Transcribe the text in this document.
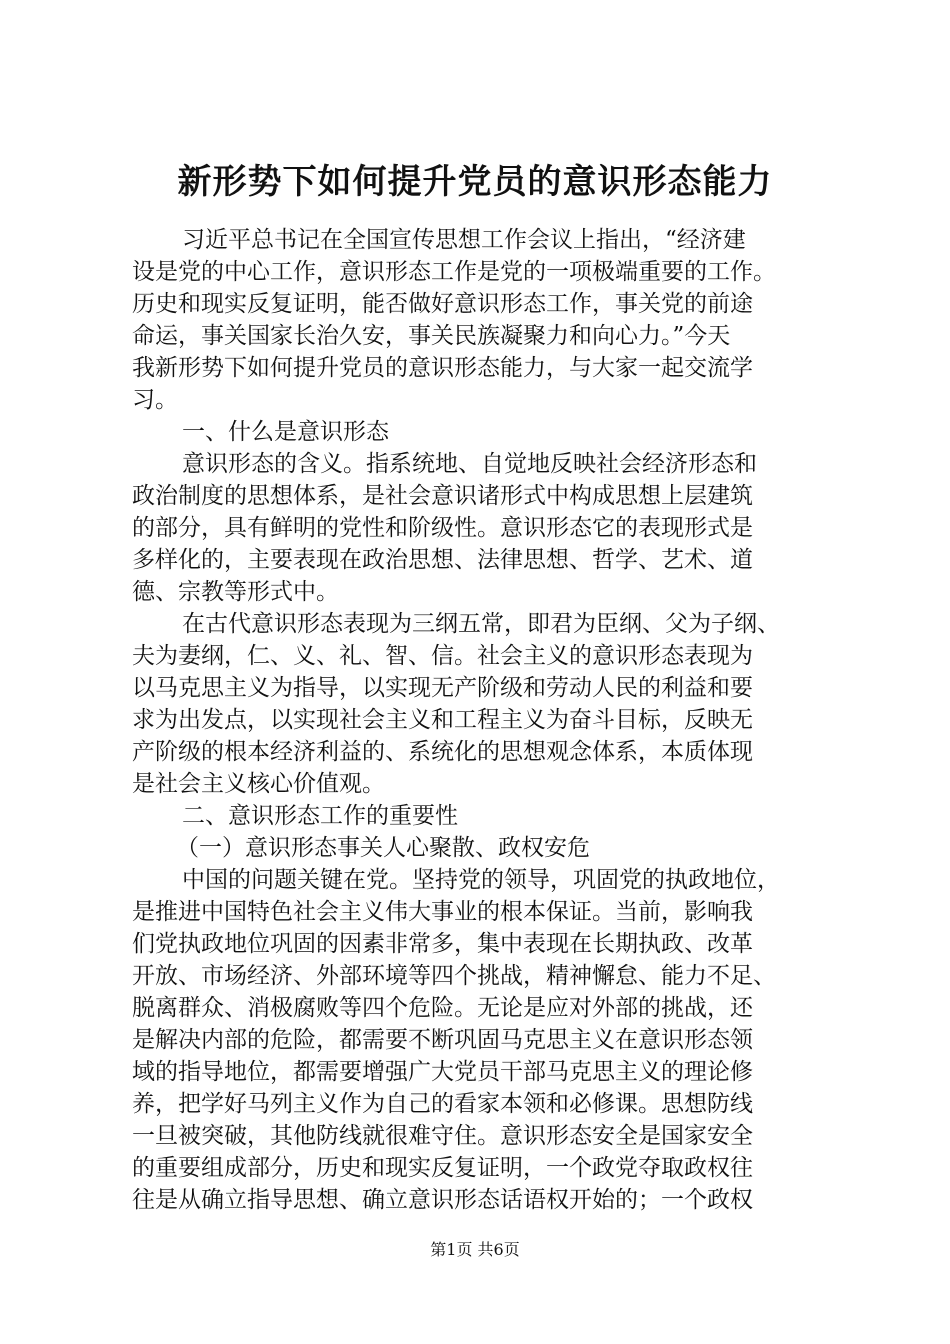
新形势下如何提升党员的意识形态能力
习近平总书记在全国宣传思想工作会议上指出，“经济建
设是党的中心工作，意识形态工作是党的一项极端重要的工作。
历史和现实反复证明，能否做好意识形态工作，事关党的前途
命运，事关国家长治久安，事关民族凝聚力和向心力。”今天
我新形势下如何提升党员的意识形态能力，与大家一起交流学
习。
一、什么是意识形态
意识形态的含义。指系统地、自觉地反映社会经济形态和
政治制度的思想体系，是社会意识诸形式中构成思想上层建筑
的部分，具有鲜明的党性和阶级性。意识形态它的表现形式是
多样化的，主要表现在政治思想、法律思想、哲学、艺术、道
德、宗教等形式中。
在古代意识形态表现为三纲五常，即君为臣纲、父为子纲、
夫为妻纲，仁、义、礼、智、信。社会主义的意识形态表现为
以马克思主义为指导，以实现无产阶级和劳动人民的利益和要
求为出发点，以实现社会主义和工程主义为奋斗目标，反映无
产阶级的根本经济利益的、系统化的思想观念体系，本质体现
是社会主义核心价值观。
二、意识形态工作的重要性
（一）意识形态事关人心聚散、政权安危
中国的问题关键在党。坚持党的领导，巩固党的执政地位，
是推进中国特色社会主义伟大事业的根本保证。当前，影响我
们党执政地位巩固的因素非常多，集中表现在长期执政、改革
开放、市场经济、外部环境等四个挑战，精神懈怠、能力不足、
脱离群众、消极腐败等四个危险。无论是应对外部的挑战，还
是解决内部的危险，都需要不断巩固马克思主义在意识形态领
域的指导地位，都需要增强广大党员干部马克思主义的理论修
养，把学好马列主义作为自己的看家本领和必修课。思想防线
一旦被突破，其他防线就很难守住。意识形态安全是国家安全
的重要组成部分，历史和现实反复证明，一个政党夺取政权往
往是从确立指导思想、确立意识形态话语权开始的；一个政权
第1页 共6页
